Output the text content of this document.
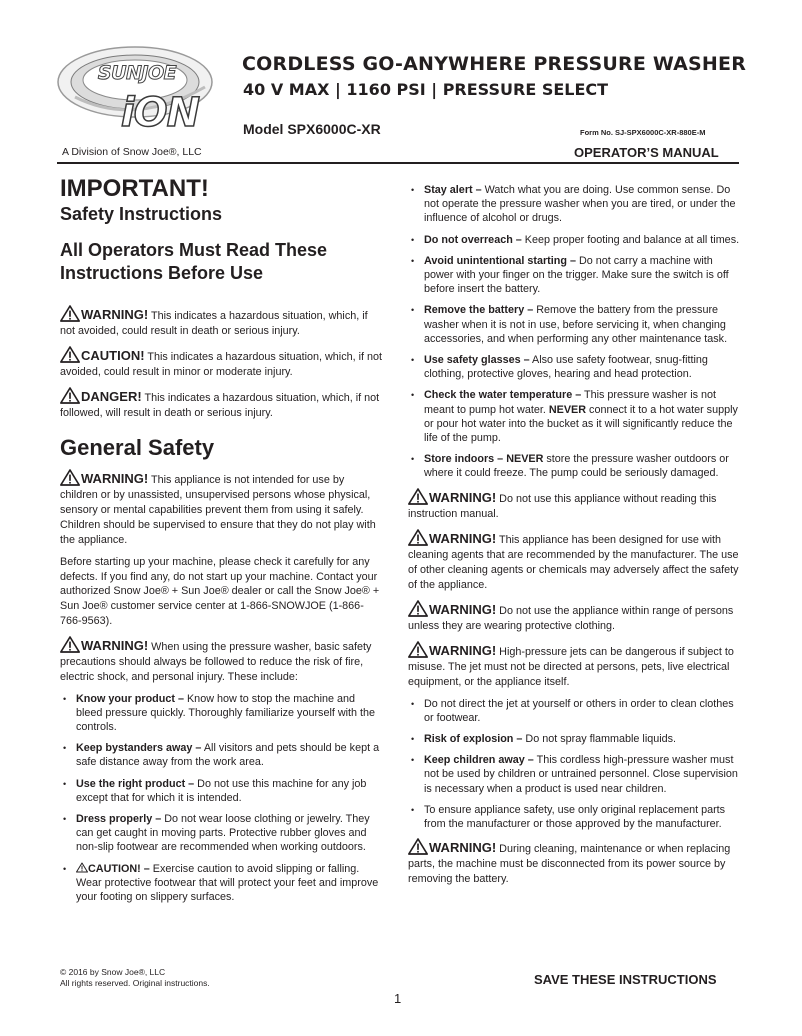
SUNJOE
iON
A Division of Snow Joe®, LLC
CORDLESS GO-ANYWHERE PRESSURE WASHER
40 V MAX | 1160 PSI | PRESSURE SELECT
Model SPX6000C-XR	Form No. SJ-SPX6000C-XR-880E-M
OPERATOR’S MANUAL
IMPORTANT!
Safety Instructions
All Operators Must Read These Instructions Before Use
WARNING! This indicates a hazardous situation, which, if not avoided, could result in death or serious injury.
CAUTION! This indicates a hazardous situation, which, if not avoided, could result in minor or moderate injury.
DANGER! This indicates a hazardous situation, which, if not followed, will result in death or serious injury.
General Safety
WARNING! This appliance is not intended for use by children or by unassisted, unsupervised persons whose physical, sensory or mental capabilities prevent them from using it safely. Children should be supervised to ensure that they do not play with the appliance.

Before starting up your machine, please check it carefully for any defects. If you find any, do not start up your machine. Contact your authorized Snow Joe® + Sun Joe® dealer or call the Snow Joe® + Sun Joe® customer service center at 1-866-SNOWJOE (1-866-766-9563).

WARNING! When using the pressure washer, basic safety precautions should always be followed to reduce the risk of fire, electric shock, and personal injury. These include:
• Know your product – Know how to stop the machine and bleed pressure quickly. Thoroughly familiarize yourself with the controls.
• Keep bystanders away – All visitors and pets should be kept a safe distance away from the work area.
• Use the right product – Do not use this machine for any job except that for which it is intended.
• Dress properly – Do not wear loose clothing or jewelry. They can get caught in moving parts. Protective rubber gloves and non-slip footwear are recommended when working outdoors.
• CAUTION! – Exercise caution to avoid slipping or falling. Wear protective footwear that will protect your feet and improve your footing on slippery surfaces.
• Stay alert – Watch what you are doing. Use common sense. Do not operate the pressure washer when you are tired, or under the influence of alcohol or drugs.
• Do not overreach – Keep proper footing and balance at all times.
• Avoid unintentional starting – Do not carry a machine with power with your finger on the trigger. Make sure the switch is off before insert the battery.
• Remove the battery – Remove the battery from the pressure washer when it is not in use, before servicing it, when changing accessories, and when performing any other maintenance task.
• Use safety glasses – Also use safety footwear, snug-fitting clothing, protective gloves, hearing and head protection.
• Check the water temperature – This pressure washer is not meant to pump hot water. NEVER connect it to a hot water supply or pour hot water into the bucket as it will significantly reduce the life of the pump.
• Store indoors – NEVER store the pressure washer outdoors or where it could freeze. The pump could be seriously damaged.
WARNING! Do not use this appliance without reading this instruction manual.
WARNING! This appliance has been designed for use with cleaning agents that are recommended by the manufacturer. The use of other cleaning agents or chemicals may adversely affect the safety of the appliance.
WARNING! Do not use the appliance within range of persons unless they are wearing protective clothing.
WARNING! High-pressure jets can be dangerous if subject to misuse. The jet must not be directed at persons, pets, live electrical equipment, or the appliance itself.
• Do not direct the jet at yourself or others in order to clean clothes or footwear.
• Risk of explosion – Do not spray flammable liquids.
• Keep children away – This cordless high-pressure washer must not be used by children or untrained personnel. Close supervision is necessary when a product is used near children.
• To ensure appliance safety, use only original replacement parts from the manufacturer or those approved by the manufacturer.
WARNING! During cleaning, maintenance or when replacing parts, the machine must be disconnected from its power source by removing the battery.
© 2016 by Snow Joe®, LLC
All rights reserved. Original instructions.	SAVE THESE INSTRUCTIONS
1
